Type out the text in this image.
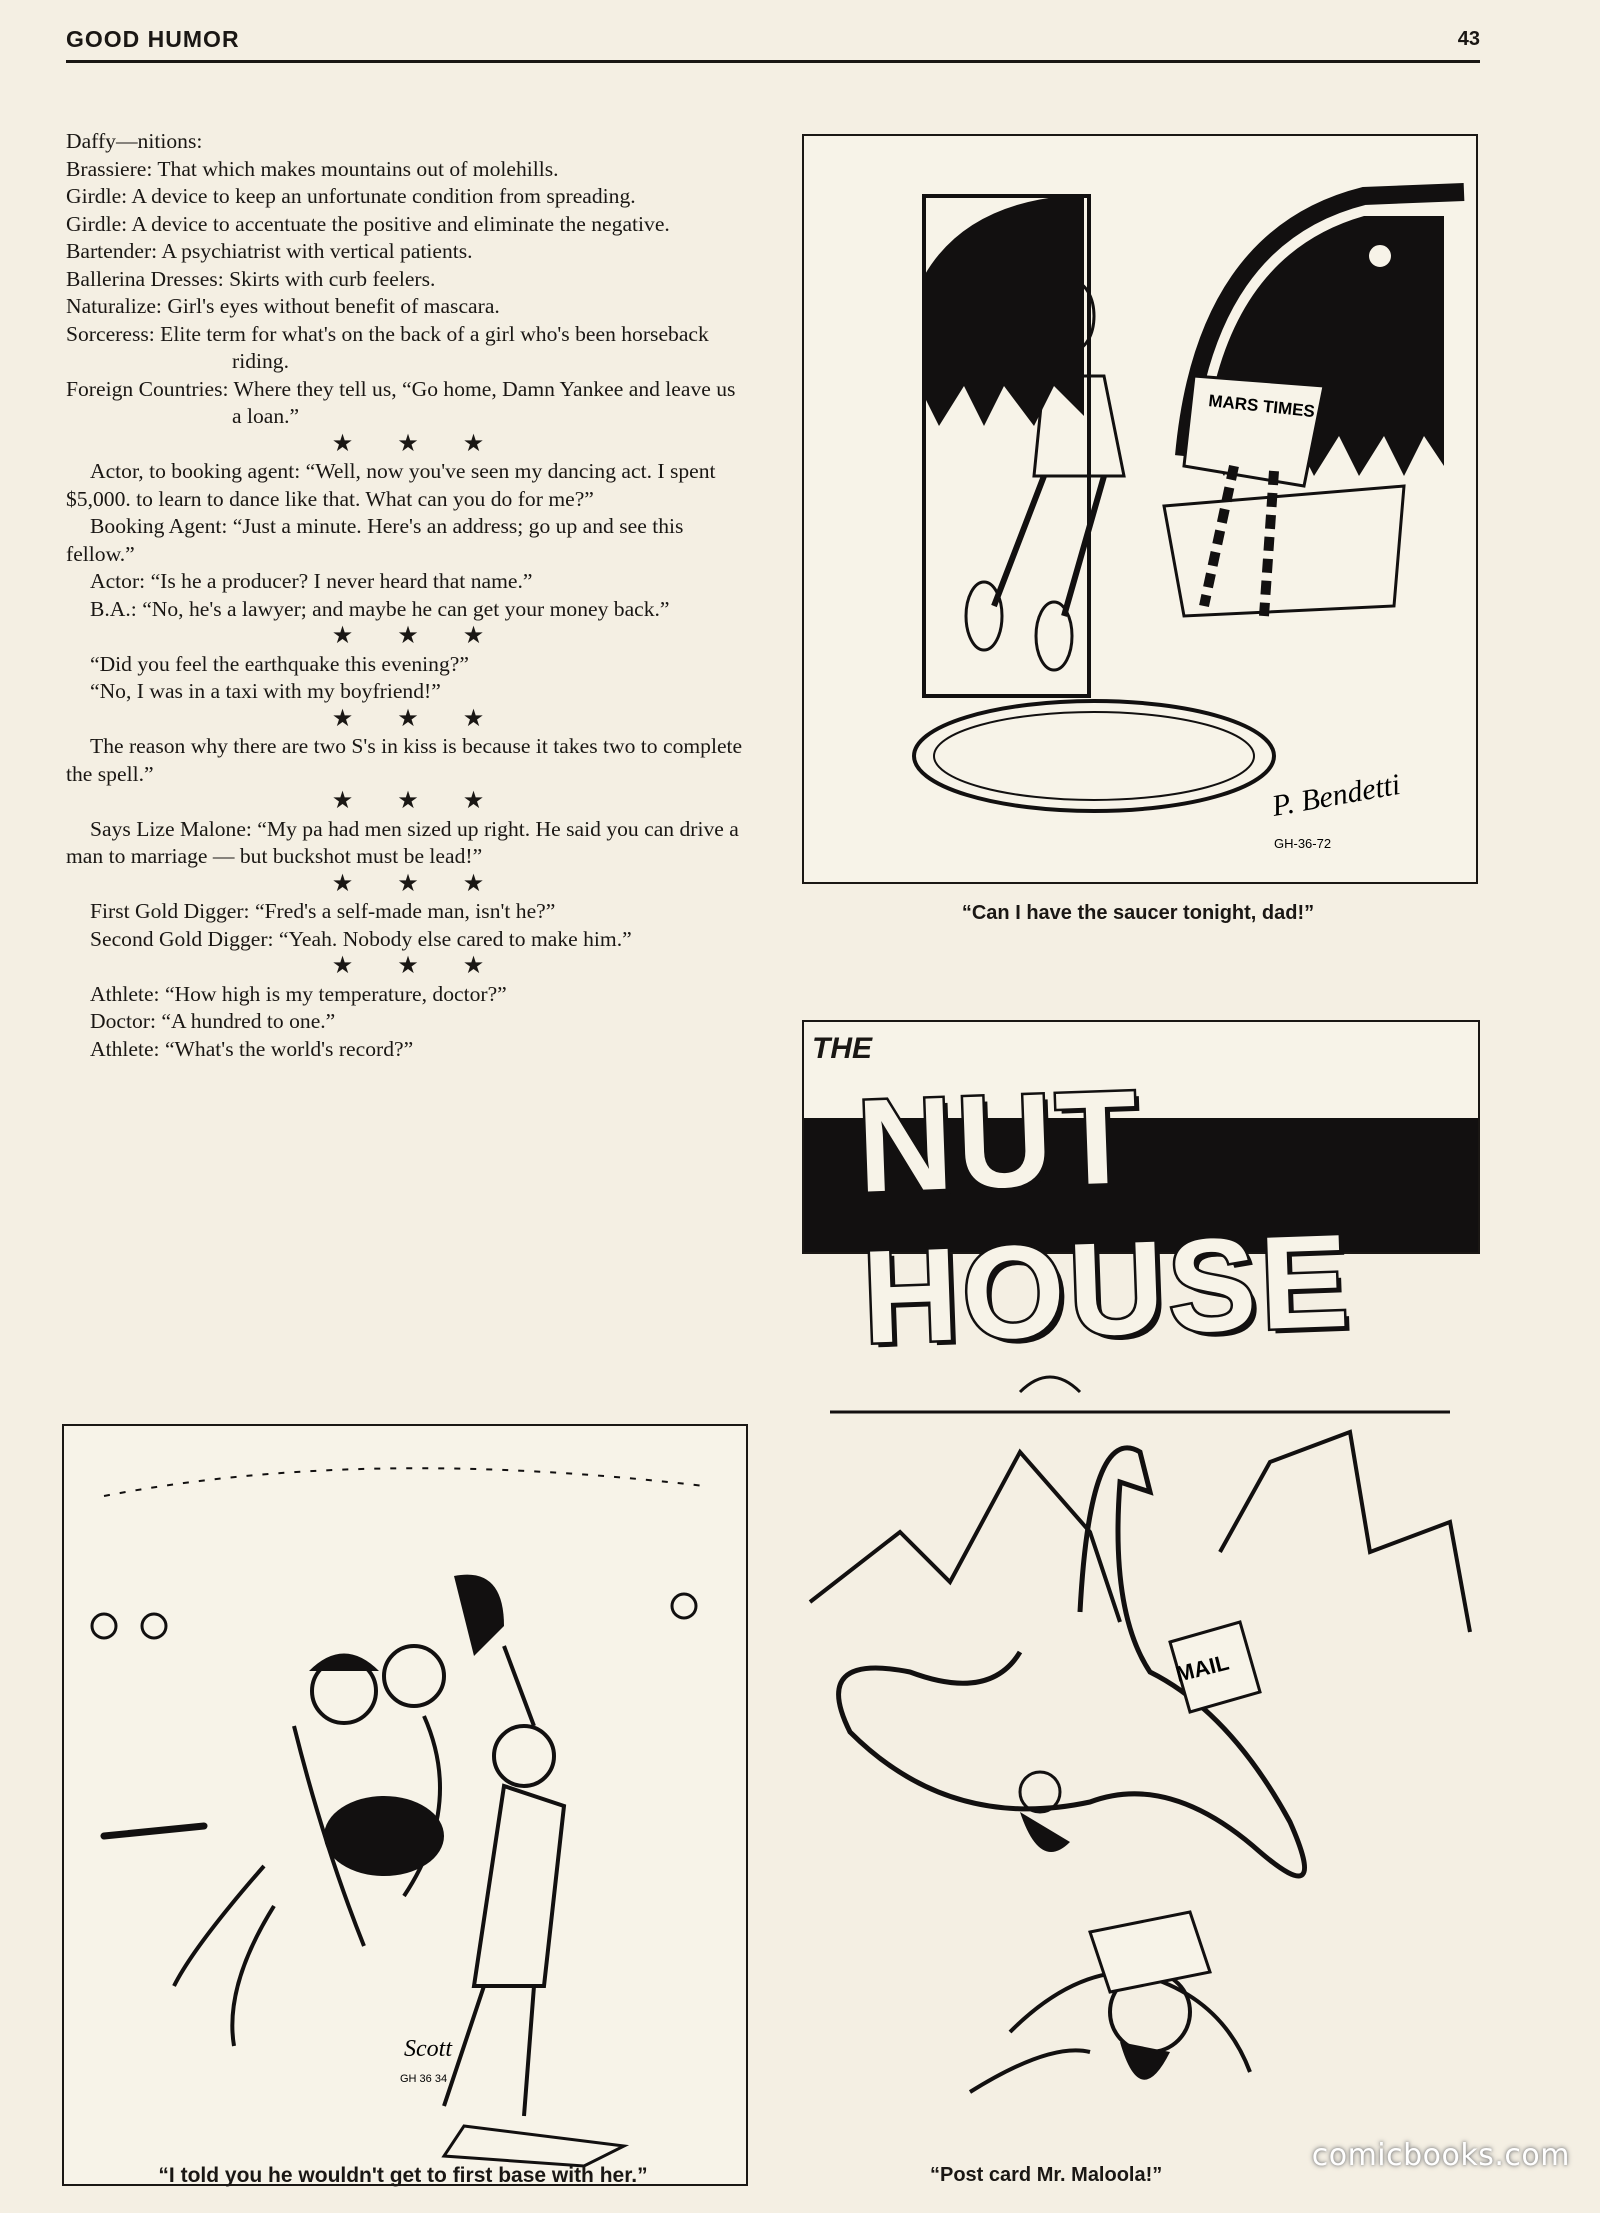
GOOD HUMOR	43

Daffy—nitions:

Brassiere: That which makes mountains out of molehills.

Girdle: A device to keep an unfortunate condition from spreading.

Girdle: A device to accentuate the positive and eliminate the negative.

Bartender: A psychiatrist with vertical patients.

Ballerina Dresses: Skirts with curb feelers.

Naturalize: Girl's eyes without benefit of mascara.

Sorceress: Elite term for what's on the back of a girl who's been horseback riding.

Foreign Countries: Where they tell us, “Go home, Damn Yankee and leave us a loan.”

★★★

Actor, to booking agent: “Well, now you've seen my dancing act. I spent $5,000. to learn to dance like that. What can you do for me?”

Booking Agent: “Just a minute. Here's an address; go up and see this fellow.”

Actor: “Is he a producer? I never heard that name.”

B.A.: “No, he's a lawyer; and maybe he can get your money back.”

★★★

“Did you feel the earthquake this evening?”

“No, I was in a taxi with my boyfriend!”

★★★

The reason why there are two S's in kiss is because it takes two to complete the spell.”

★★★

Says Lize Malone: “My pa had men sized up right. He said you can drive a man to marriage — but buckshot must be lead!”

★★★

First Gold Digger: “Fred's a self-made man, isn't he?”

Second Gold Digger: “Yeah. Nobody else cared to make him.”

★★★

Athlete: “How high is my temperature, doctor?”

Doctor: “A hundred to one.”

Athlete: “What's the world's record?”

MARS TIMES
P. Bendetti
GH-36-72
“Can I have the saucer tonight, dad!”
THE
NUT HOUSE
Scott
GH 36 34
“I told you he wouldn't get to first base with her.”
MAIL
“Post card Mr. Maloola!”
comicbooks.com
